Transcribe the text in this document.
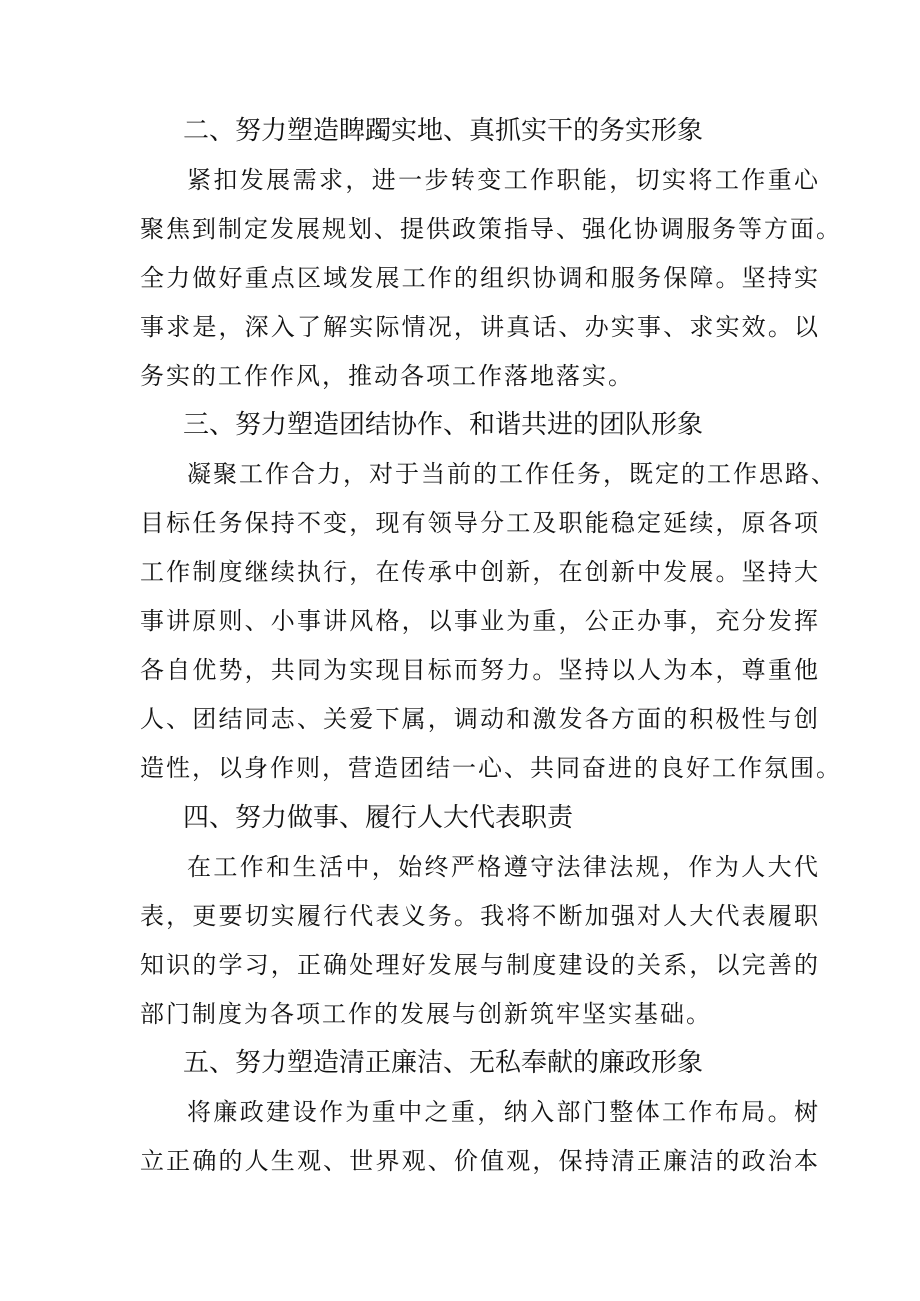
二、努力塑造睥躅实地、真抓实干的务实形象
紧扣发展需求，进一步转变工作职能，切实将工作重心
聚焦到制定发展规划、提供政策指导、强化协调服务等方面。
全力做好重点区域发展工作的组织协调和服务保障。坚持实
事求是，深入了解实际情况，讲真话、办实事、求实效。以
务实的工作作风，推动各项工作落地落实。
三、努力塑造团结协作、和谐共进的团队形象
凝聚工作合力，对于当前的工作任务，既定的工作思路、
目标任务保持不变，现有领导分工及职能稳定延续，原各项
工作制度继续执行，在传承中创新，在创新中发展。坚持大
事讲原则、小事讲风格，以事业为重，公正办事，充分发挥
各自优势，共同为实现目标而努力。坚持以人为本，尊重他
人、团结同志、关爱下属，调动和激发各方面的积极性与创
造性，以身作则，营造团结一心、共同奋进的良好工作氛围。
四、努力做事、履行人大代表职责
在工作和生活中，始终严格遵守法律法规，作为人大代
表，更要切实履行代表义务。我将不断加强对人大代表履职
知识的学习，正确处理好发展与制度建设的关系，以完善的
部门制度为各项工作的发展与创新筑牢坚实基础。
五、努力塑造清正廉洁、无私奉献的廉政形象
将廉政建设作为重中之重，纳入部门整体工作布局。树
立正确的人生观、世界观、价值观，保持清正廉洁的政治本
